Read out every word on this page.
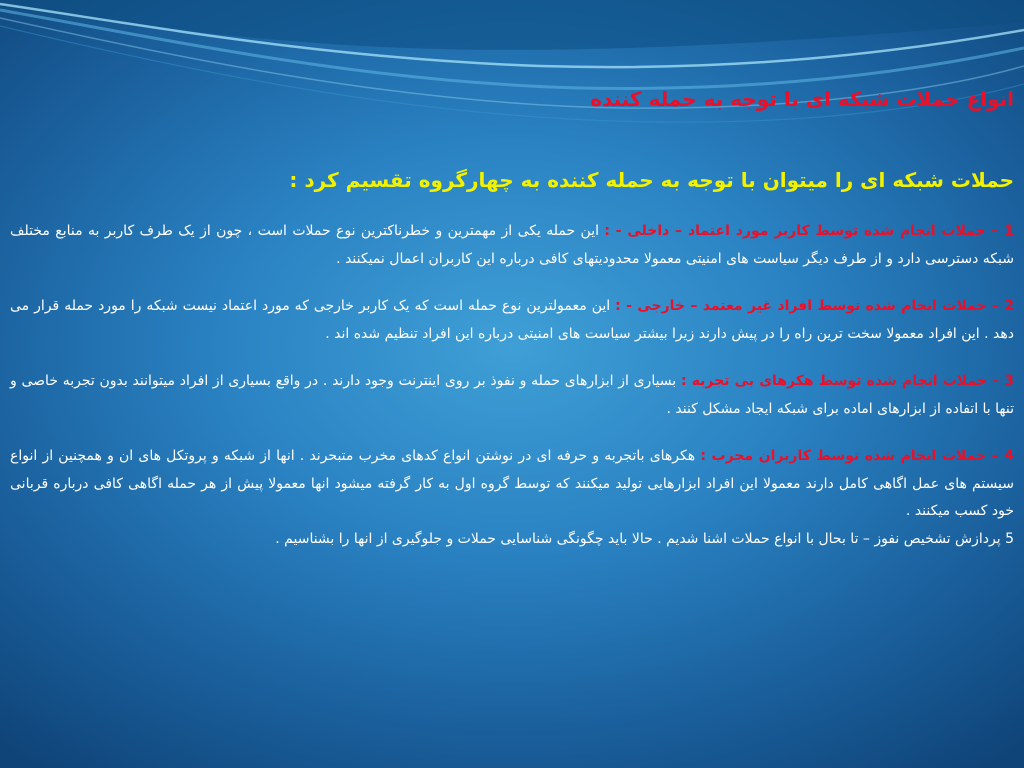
انواع حملات شبکه ای با توجه به حمله کننده
حملات شبکه ای را میتوان با توجه به حمله کننده به چهارگروه تقسیم کرد :
1 – حملات انجام شده توسط کاربر مورد اعتماد – داخلی - : این حمله یکی از مهمترین و خطرناکترین نوع حملات است ، چون از یک طرف کاربر به منابع مختلف شبکه دسترسی دارد و از طرف دیگر سیاست های امنیتی معمولا محدودیتهای کافی درباره این کاربران اعمال نمیکنند .
2 – حملات انجام شده توسط افراد غیر معتمد – خارجی - : این معمولترین نوع حمله است که یک کاربر خارجی که مورد اعتماد نیست شبکه را مورد حمله قرار می دهد . این افراد معمولا سخت ترین راه را در پیش دارند زیرا بیشتر سیاست های امنیتی درباره این افراد تنظیم شده اند .
3 – حملات انجام شده توسط هکرهای بی تجربه : بسیاری از ابزارهای حمله و نفوذ بر روی اینترنت وجود دارند . در واقع بسیاری از افراد میتوانند بدون تجربه خاصی و تنها با اتفاده از ابزارهای اماده برای شبکه ایجاد مشکل کنند .
4 – حملات انجام شده توسط کاربران مجرب : هکرهای باتجربه و حرفه ای در نوشتن انواع کدهای مخرب متبحرند . انها از شبکه و پروتکل های ان و همچنین از انواع سیستم های عمل اگاهی کامل دارند معمولا این افراد ابزارهایی تولید میکنند که توسط گروه اول به کار گرفته میشود انها معمولا پیش از هر حمله اگاهی کافی درباره قربانی خود کسب میکنند .
5 پردازش تشخیص نفوز – تا بحال با انواع حملات اشنا شدیم . حالا باید چگونگی شناسایی حملات و جلوگیری از انها را بشناسیم .
